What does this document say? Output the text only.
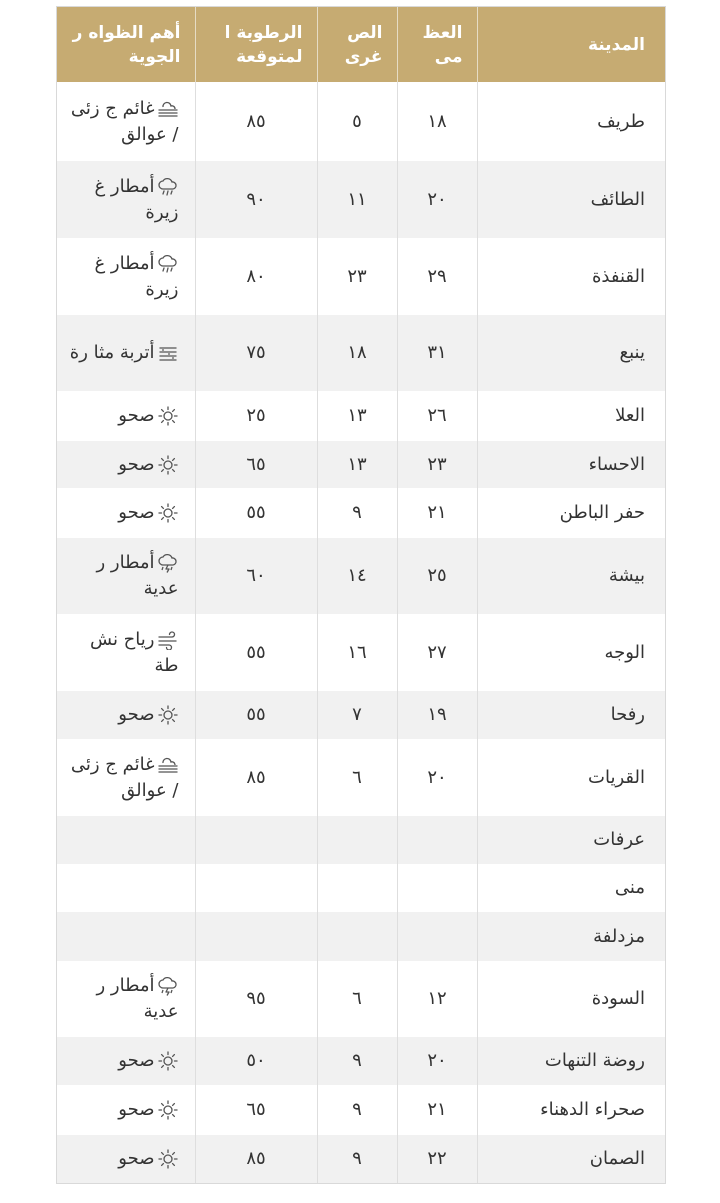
المدينة	العظ مى	الص غرى	الرطوبة ا لمتوقعة	أهم الظواه ر الجوية
طريف	١٨	٥	٨٥	غائم ج زئى / عوالق
الطائف	٢٠	١١	٩٠	أمطار غ زيرة
القنفذة	٢٩	٢٣	٨٠	أمطار غ زيرة
ينبع	٣١	١٨	٧٥	أتربة مثا رة
العلا	٢٦	١٣	٢٥	صحو
الاحساء	٢٣	١٣	٦٥	صحو
حفر الباطن	٢١	٩	٥٥	صحو
بيشة	٢٥	١٤	٦٠	أمطار ر عدية
الوجه	٢٧	١٦	٥٥	رياح نش طة
رفحا	١٩	٧	٥٥	صحو
القريات	٢٠	٦	٨٥	غائم ج زئى / عوالق
عرفات				
منى				
مزدلفة				
السودة	١٢	٦	٩٥	أمطار ر عدية
روضة التنهات	٢٠	٩	٥٠	صحو
صحراء الدهناء	٢١	٩	٦٥	صحو
الصمان	٢٢	٩	٨٥	صحو
